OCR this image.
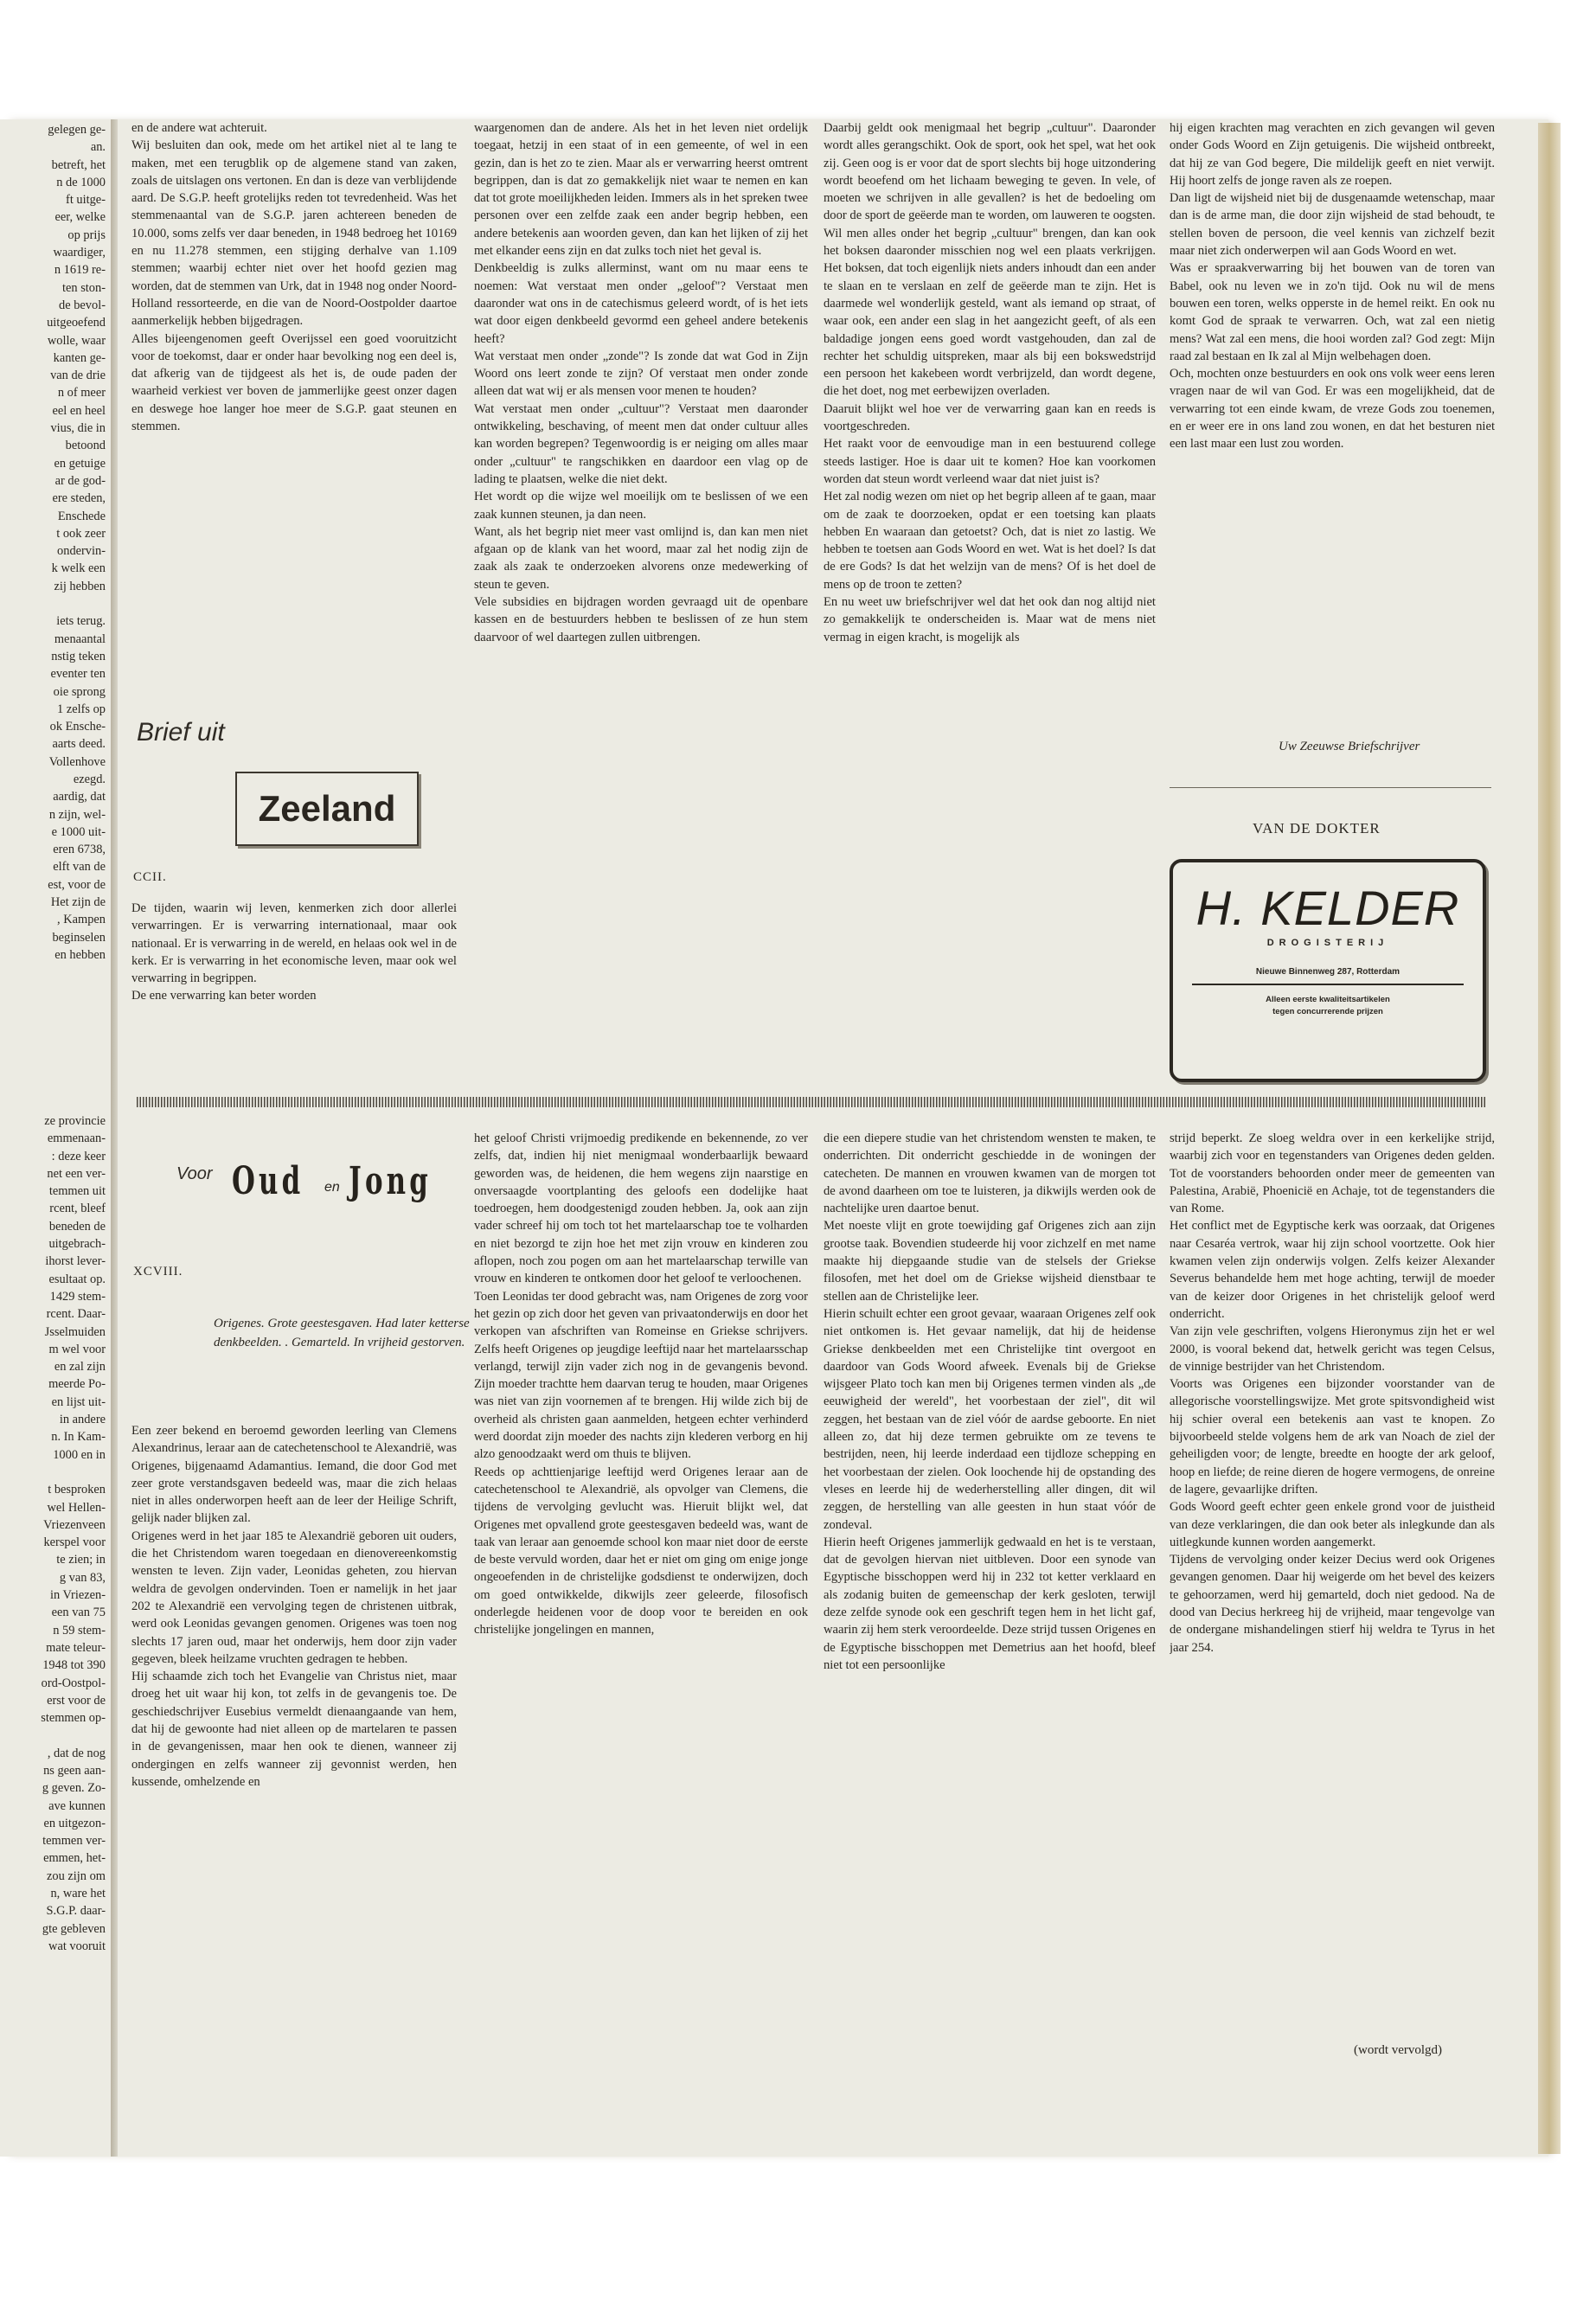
gelegen ge-
an.
betreft, het
n de 1000
ft uitge-
eer, welke
op prijs
waardiger,
n 1619 re-
ten ston-
de bevol-
uitgeoefend
wolle, waar
kanten ge-
van de drie
n of meer
eel en heel
vius, die in
betoond
en getuige
ar de god-
ere steden,
Enschede
t ook zeer
ondervin-
k welk een
zij hebben

iets terug.
menaantal
nstig teken
eventer ten
oie sprong
1 zelfs op
ok Ensche-
aarts deed.
Vollenhove
ezegd.
aardig, dat
n zijn, wel-
e 1000 uit-
eren 6738,
elft van de
est, voor de
Het zijn de
, Kampen
beginselen
en hebben
ze provincie
emmenaan-
: deze keer
net een ver-
temmen uit
rcent, bleef
beneden de
uitgebrach-
ihorst lever-
esultaat op.
1429 stem-
rcent. Daar-
Jsselmuiden
m wel voor
en zal zijn
meerde Po-
en lijst uit-
in andere
n. In Kam-
1000 en in

t besproken
wel Hellen-
Vriezenveen
kerspel voor
te zien; in
g van 83,
in Vriezen-
een van 75
n 59 stem-
mate teleur-
1948 tot 390
ord-Oostpol-
erst voor de
stemmen op-

, dat de nog
ns geen aan-
g geven. Zo-
ave kunnen
en uitgezon-
temmen ver-
emmen, het-
zou zijn om
n, ware het
S.G.P. daar-
gte gebleven
wat vooruit

en de andere wat achteruit.

Wij besluiten dan ook, mede om het artikel niet al te lang te maken, met een terugblik op de algemene stand van zaken, zoals de uitslagen ons vertonen. En dan is deze van verblijdende aard. De S.G.P. heeft grotelijks reden tot tevredenheid. Was het stemmenaantal van de S.G.P. jaren achtereen beneden de 10.000, soms zelfs ver daar beneden, in 1948 bedroeg het 10169 en nu 11.278 stemmen, een stijging derhalve van 1.109 stemmen; waarbij echter niet over het hoofd gezien mag worden, dat de stemmen van Urk, dat in 1948 nog onder Noord-Holland ressorteerde, en die van de Noord-Oostpolder daartoe aanmerkelijk hebben bijgedragen.

Alles bijeengenomen geeft Overijssel een goed vooruitzicht voor de toekomst, daar er onder haar bevolking nog een deel is, dat afkerig van de tijdgeest als het is, de oude paden der waarheid verkiest ver boven de jammerlijke geest onzer dagen en deswege hoe langer hoe meer de S.G.P. gaat steunen en stemmen.

Brief uit
Zeeland
CCII.

De tijden, waarin wij leven, kenmerken zich door allerlei verwarringen. Er is verwarring internationaal, maar ook nationaal. Er is verwarring in de wereld, en helaas ook wel in de kerk. Er is verwarring in het economische leven, maar ook wel verwarring in begrippen.

De ene verwarring kan beter worden

waargenomen dan de andere. Als het in het leven niet ordelijk toegaat, hetzij in een staat of in een gemeente, of wel in een gezin, dan is het zo te zien. Maar als er verwarring heerst omtrent begrippen, dan is dat zo gemakkelijk niet waar te nemen en kan dat tot grote moeilijkheden leiden. Immers als in het spreken twee personen over een zelfde zaak een ander begrip hebben, een andere betekenis aan woorden geven, dan kan het lijken of zij het met elkander eens zijn en dat zulks toch niet het geval is.

Denkbeeldig is zulks allerminst, want om nu maar eens te noemen: Wat verstaat men onder „geloof"? Verstaat men daaronder wat ons in de catechismus geleerd wordt, of is het iets wat door eigen denkbeeld gevormd een geheel andere betekenis heeft?

Wat verstaat men onder „zonde"? Is zonde dat wat God in Zijn Woord ons leert zonde te zijn? Of verstaat men onder zonde alleen dat wat wij er als mensen voor menen te houden?

Wat verstaat men onder „cultuur"? Verstaat men daaronder ontwikkeling, beschaving, of meent men dat onder cultuur alles kan worden begrepen? Tegenwoordig is er neiging om alles maar onder „cultuur" te rangschikken en daardoor een vlag op de lading te plaatsen, welke die niet dekt.

Het wordt op die wijze wel moeilijk om te beslissen of we een zaak kunnen steunen, ja dan neen.

Want, als het begrip niet meer vast omlijnd is, dan kan men niet afgaan op de klank van het woord, maar zal het nodig zijn de zaak als zaak te onderzoeken alvorens onze medewerking of steun te geven.

Vele subsidies en bijdragen worden gevraagd uit de openbare kassen en de bestuurders hebben te beslissen of ze hun stem daarvoor of wel daartegen zullen uitbrengen.

Daarbij geldt ook menigmaal het begrip „cultuur". Daaronder wordt alles gerangschikt. Ook de sport, ook het spel, wat het ook zij. Geen oog is er voor dat de sport slechts bij hoge uitzondering wordt beoefend om het lichaam beweging te geven. In vele, of moeten we schrijven in alle gevallen? is het de bedoeling om door de sport de geëerde man te worden, om lauweren te oogsten.

Wil men alles onder het begrip „cultuur" brengen, dan kan ook het boksen daaronder misschien nog wel een plaats verkrijgen. Het boksen, dat toch eigenlijk niets anders inhoudt dan een ander te slaan en te verslaan en zelf de geëerde man te zijn. Het is daarmede wel wonderlijk gesteld, want als iemand op straat, of waar ook, een ander een slag in het aangezicht geeft, of als een baldadige jongen eens goed wordt vastgehouden, dan zal de rechter het schuldig uitspreken, maar als bij een bokswedstrijd een persoon het kakebeen wordt verbrijzeld, dan wordt degene, die het doet, nog met eerbewijzen overladen.

Daaruit blijkt wel hoe ver de verwarring gaan kan en reeds is voortgeschreden.

Het raakt voor de eenvoudige man in een bestuurend college steeds lastiger. Hoe is daar uit te komen? Hoe kan voorkomen worden dat steun wordt verleend waar dat niet juist is?

Het zal nodig wezen om niet op het begrip alleen af te gaan, maar om de zaak te doorzoeken, opdat er een toetsing kan plaats hebben En waaraan dan getoetst? Och, dat is niet zo lastig. We hebben te toetsen aan Gods Woord en wet. Wat is het doel? Is dat de ere Gods? Is dat het welzijn van de mens? Of is het doel de mens op de troon te zetten?

En nu weet uw briefschrijver wel dat het ook dan nog altijd niet zo gemakkelijk te onderscheiden is. Maar wat de mens niet vermag in eigen kracht, is mogelijk als

hij eigen krachten mag verachten en zich gevangen wil geven onder Gods Woord en Zijn getuigenis. Die wijsheid ontbreekt, dat hij ze van God begere, Die mildelijk geeft en niet verwijt. Hij hoort zelfs de jonge raven als ze roepen.

Dan ligt de wijsheid niet bij de dusgenaamde wetenschap, maar dan is de arme man, die door zijn wijsheid de stad behoudt, te stellen boven de persoon, die veel kennis van zichzelf bezit maar niet zich onderwerpen wil aan Gods Woord en wet.

Was er spraakverwarring bij het bouwen van de toren van Babel, ook nu leven we in zo'n tijd. Ook nu wil de mens bouwen een toren, welks opperste in de hemel reikt. En ook nu komt God de spraak te verwarren. Och, wat zal een nietig mens? Wat zal een mens, die hooi worden zal? God zegt: Mijn raad zal bestaan en Ik zal al Mijn welbehagen doen.

Och, mochten onze bestuurders en ook ons volk weer eens leren vragen naar de wil van God. Er was een mogelijkheid, dat de verwarring tot een einde kwam, de vreze Gods zou toenemen, en er weer ere in ons land zou wonen, en dat het besturen niet een last maar een lust zou worden.

Uw Zeeuwse Briefschrijver
VAN DE DOKTER
H. KELDER
DROGISTERIJ
Nieuwe Binnenweg 287, Rotterdam
Alleen eerste kwaliteitsartikelen
tegen concurrerende prijzen
Voor Oud Jong
en
XCVIII.
Origenes. Grote geestesgaven. Had later ketterse denkbeelden. . Gemarteld. In vrijheid gestorven.

Een zeer bekend en beroemd geworden leerling van Clemens Alexandrinus, leraar aan de catechetenschool te Alexandrië, was Origenes, bijgenaamd Adamantius. Iemand, die door God met zeer grote verstandsgaven bedeeld was, maar die zich helaas niet in alles onderworpen heeft aan de leer der Heilige Schrift, gelijk nader blijken zal.

Origenes werd in het jaar 185 te Alexandrië geboren uit ouders, die het Christendom waren toegedaan en dienovereenkomstig wensten te leven. Zijn vader, Leonidas geheten, zou hiervan weldra de gevolgen ondervinden. Toen er namelijk in het jaar 202 te Alexandrië een vervolging tegen de christenen uitbrak, werd ook Leonidas gevangen genomen. Origenes was toen nog slechts 17 jaren oud, maar het onderwijs, hem door zijn vader gegeven, bleek heilzame vruchten gedragen te hebben.

Hij schaamde zich toch het Evangelie van Christus niet, maar droeg het uit waar hij kon, tot zelfs in de gevangenis toe. De geschiedschrijver Eusebius vermeldt dienaangaande van hem, dat hij de gewoonte had niet alleen op de martelaren te passen in de gevangenissen, maar hen ook te dienen, wanneer zij ondergingen en zelfs wanneer zij gevonnist werden, hen kussende, omhelzende en

het geloof Christi vrijmoedig predikende en bekennende, zo ver zelfs, dat, indien hij niet menigmaal wonderbaarlijk bewaard geworden was, de heidenen, die hem wegens zijn naarstige en onversaagde voortplanting des geloofs een dodelijke haat toedroegen, hem doodgestenigd zouden hebben. Ja, ook aan zijn vader schreef hij om toch tot het martelaarschap toe te volharden en niet bezorgd te zijn hoe het met zijn vrouw en kinderen zou aflopen, noch zou pogen om aan het martelaarschap terwille van vrouw en kinderen te ontkomen door het geloof te verloochenen.

Toen Leonidas ter dood gebracht was, nam Origenes de zorg voor het gezin op zich door het geven van privaatonderwijs en door het verkopen van afschriften van Romeinse en Griekse schrijvers. Zelfs heeft Origenes op jeugdige leeftijd naar het martelaarsschap verlangd, terwijl zijn vader zich nog in de gevangenis bevond. Zijn moeder trachtte hem daarvan terug te houden, maar Origenes was niet van zijn voornemen af te brengen. Hij wilde zich bij de overheid als christen gaan aanmelden, hetgeen echter verhinderd werd doordat zijn moeder des nachts zijn klederen verborg en hij alzo genoodzaakt werd om thuis te blijven.

Reeds op achttienjarige leeftijd werd Origenes leraar aan de catechetenschool te Alexandrië, als opvolger van Clemens, die tijdens de vervolging gevlucht was. Hieruit blijkt wel, dat Origenes met opvallend grote geestesgaven bedeeld was, want de taak van leraar aan genoemde school kon maar niet door de eerste de beste vervuld worden, daar het er niet om ging om enige jonge ongeoefenden in de christelijke godsdienst te onderwijzen, doch om goed ontwikkelde, dikwijls zeer geleerde, filosofisch onderlegde heidenen voor de doop voor te bereiden en ook christelijke jongelingen en mannen,

die een diepere studie van het christendom wensten te maken, te onderrichten. Dit onderricht geschiedde in de woningen der catecheten. De mannen en vrouwen kwamen van de morgen tot de avond daarheen om toe te luisteren, ja dikwijls werden ook de nachtelijke uren daartoe benut.

Met noeste vlijt en grote toewijding gaf Origenes zich aan zijn grootse taak. Bovendien studeerde hij voor zichzelf en met name maakte hij diepgaande studie van de stelsels der Griekse filosofen, met het doel om de Griekse wijsheid dienstbaar te stellen aan de Christelijke leer.

Hierin schuilt echter een groot gevaar, waaraan Origenes zelf ook niet ontkomen is. Het gevaar namelijk, dat hij de heidense Griekse denkbeelden met een Christelijke tint overgoot en daardoor van Gods Woord afweek. Evenals bij de Griekse wijsgeer Plato toch kan men bij Origenes termen vinden als „de eeuwigheid der wereld", het voorbestaan der ziel", dit wil zeggen, het bestaan van de ziel vóór de aardse geboorte. En niet alleen zo, dat hij deze termen gebruikte om ze tevens te bestrijden, neen, hij leerde inderdaad een tijdloze schepping en het voorbestaan der zielen. Ook loochende hij de opstanding des vleses en leerde hij de wederherstelling aller dingen, dit wil zeggen, de herstelling van alle geesten in hun staat vóór de zondeval.

Hierin heeft Origenes jammerlijk gedwaald en het is te verstaan, dat de gevolgen hiervan niet uitbleven. Door een synode van Egyptische bisschoppen werd hij in 232 tot ketter verklaard en als zodanig buiten de gemeenschap der kerk gesloten, terwijl deze zelfde synode ook een geschrift tegen hem in het licht gaf, waarin zij hem sterk veroordeelde. Deze strijd tussen Origenes en de Egyptische bisschoppen met Demetrius aan het hoofd, bleef niet tot een persoonlijke

strijd beperkt. Ze sloeg weldra over in een kerkelijke strijd, waarbij zich voor en tegenstanders van Origenes deden gelden. Tot de voorstanders behoorden onder meer de gemeenten van Palestina, Arabië, Phoenicië en Achaje, tot de tegenstanders die van Rome.

Het conflict met de Egyptische kerk was oorzaak, dat Origenes naar Cesaréa vertrok, waar hij zijn school voortzette. Ook hier kwamen velen zijn onderwijs volgen. Zelfs keizer Alexander Severus behandelde hem met hoge achting, terwijl de moeder van de keizer door Origenes in het christelijk geloof werd onderricht.

Van zijn vele geschriften, volgens Hieronymus zijn het er wel 2000, is vooral bekend dat, hetwelk gericht was tegen Celsus, de vinnige bestrijder van het Christendom.

Voorts was Origenes een bijzonder voorstander van de allegorische voorstellingswijze. Met grote spitsvondigheid wist hij schier overal een betekenis aan vast te knopen. Zo bijvoorbeeld stelde volgens hem de ark van Noach de ziel der geheiligden voor; de lengte, breedte en hoogte der ark geloof, hoop en liefde; de reine dieren de hogere vermogens, de onreine de lagere, gevaarlijke driften.

Gods Woord geeft echter geen enkele grond voor de juistheid van deze verklaringen, die dan ook beter als inlegkunde dan als uitlegkunde kunnen worden aangemerkt.

Tijdens de vervolging onder keizer Decius werd ook Origenes gevangen genomen. Daar hij weigerde om het bevel des keizers te gehoorzamen, werd hij gemarteld, doch niet gedood. Na de dood van Decius herkreeg hij de vrijheid, maar tengevolge van de ondergane mishandelingen stierf hij weldra te Tyrus in het jaar 254.

(wordt vervolgd)
